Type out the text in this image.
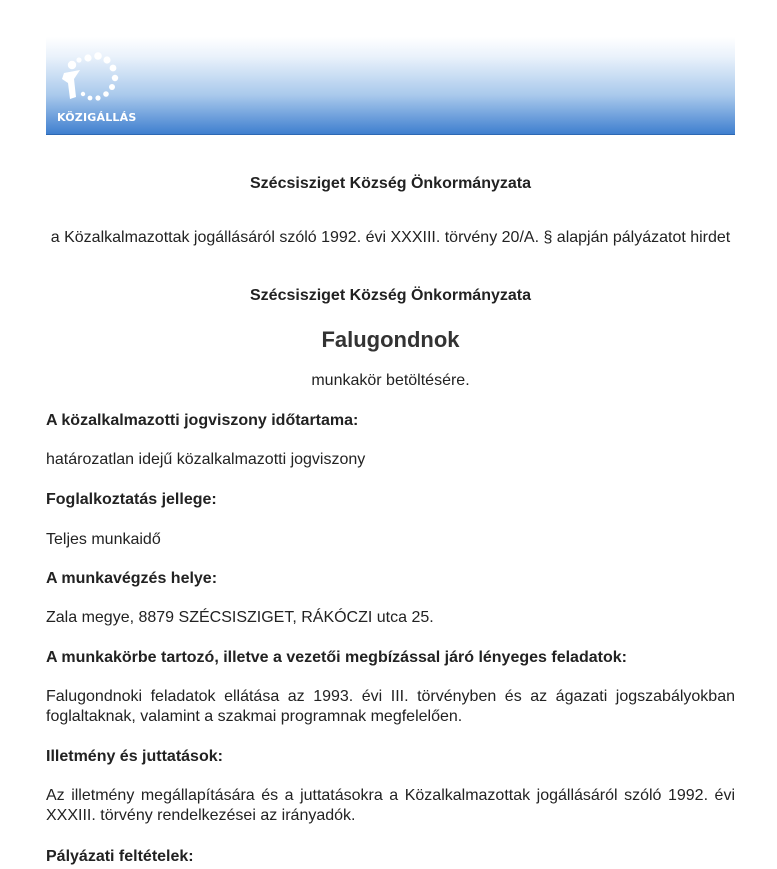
KÖZIGÁLLÁS
Szécsisziget Község Önkormányzata
a Közalkalmazottak jogállásáról szóló 1992. évi XXXIII. törvény 20/A. § alapján pályázatot hirdet
Szécsisziget Község Önkormányzata
Falugondnok
munkakör betöltésére.
A közalkalmazotti jogviszony időtartama:
határozatlan idejű közalkalmazotti jogviszony
Foglalkoztatás jellege:
Teljes munkaidő
A munkavégzés helye:
Zala megye, 8879 SZÉCSISZIGET, RÁKÓCZI utca 25.
A munkakörbe tartozó, illetve a vezetői megbízással járó lényeges feladatok:
Falugondnoki feladatok ellátása az 1993. évi III. törvényben és az ágazati jogszabályokban foglaltaknak, valamint a szakmai programnak megfelelően.
Illetmény és juttatások:
Az illetmény megállapítására és a juttatásokra a Közalkalmazottak jogállásáról szóló 1992. évi XXXIII. törvény rendelkezései az irányadók.
Pályázati feltételek:
